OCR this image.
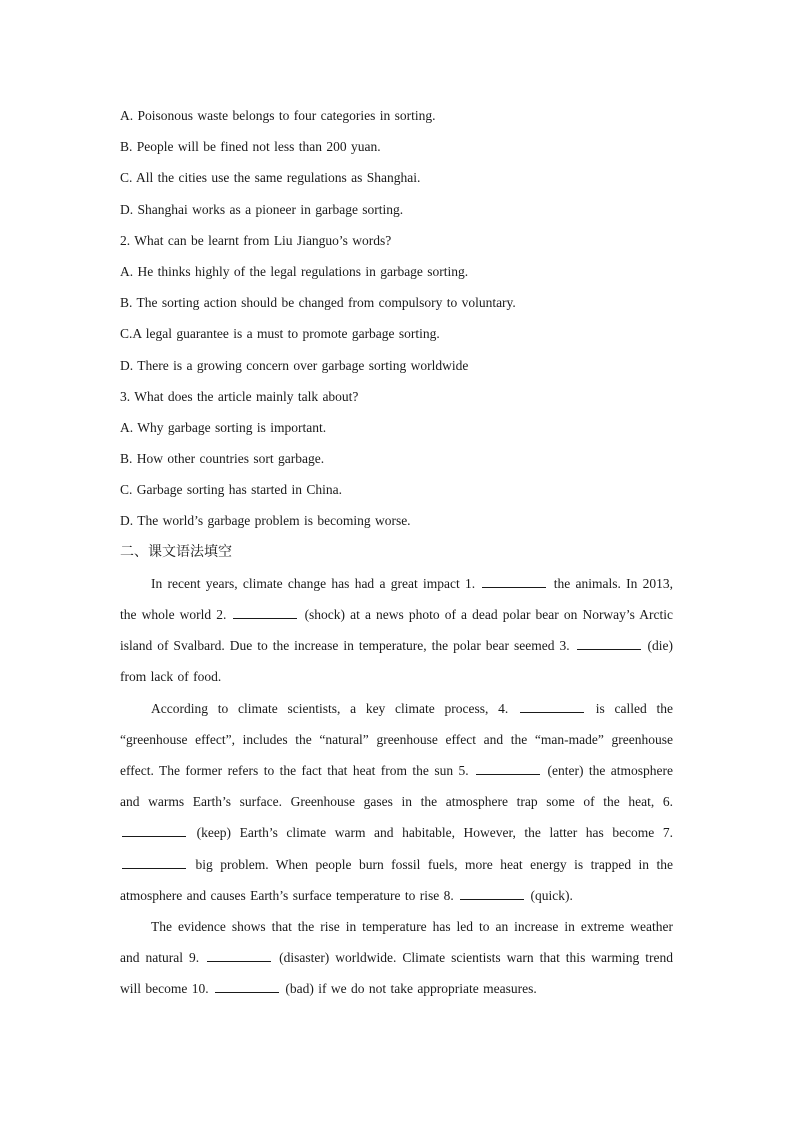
A. Poisonous waste belongs to four categories in sorting.
B. People will be fined not less than 200 yuan.
C. All the cities use the same regulations as Shanghai.
D. Shanghai works as a pioneer in garbage sorting.
2. What can be learnt from Liu Jianguo’s words?
A. He thinks highly of the legal regulations in garbage sorting.
B. The sorting action should be changed from compulsory to voluntary.
C.A legal guarantee is a must to promote garbage sorting.
D. There is a growing concern over garbage sorting worldwide
3. What does the article mainly talk about?
A. Why garbage sorting is important.
B. How other countries sort garbage.
C. Garbage sorting has started in China.
D. The world’s garbage problem is becoming worse.
二、课文语法填空

In recent years, climate change has had a great impact 1.	the animals. In 2013, the whole world 2.	(shock) at a news photo of a dead polar bear on Norway’s Arctic island of Svalbard. Due to the increase in temperature, the polar bear seemed 3.	(die) from lack of food.

According to climate scientists, a key climate process, 4.	is called the “greenhouse effect”, includes the “natural” greenhouse effect and the “man-made” greenhouse effect. The former refers to the fact that heat from the sun 5.	(enter) the atmosphere and warms Earth’s surface. Greenhouse gases in the atmosphere trap some of the heat, 6.  (keep) Earth’s climate warm and habitable, However, the latter has become 7.  big problem. When people burn fossil fuels, more heat energy is trapped in the atmosphere and causes Earth’s surface temperature to rise 8.	(quick).

The evidence shows that the rise in temperature has led to an increase in extreme weather and natural 9.	(disaster) worldwide. Climate scientists warn that this warming trend will become 10.	(bad) if we do not take appropriate measures.
